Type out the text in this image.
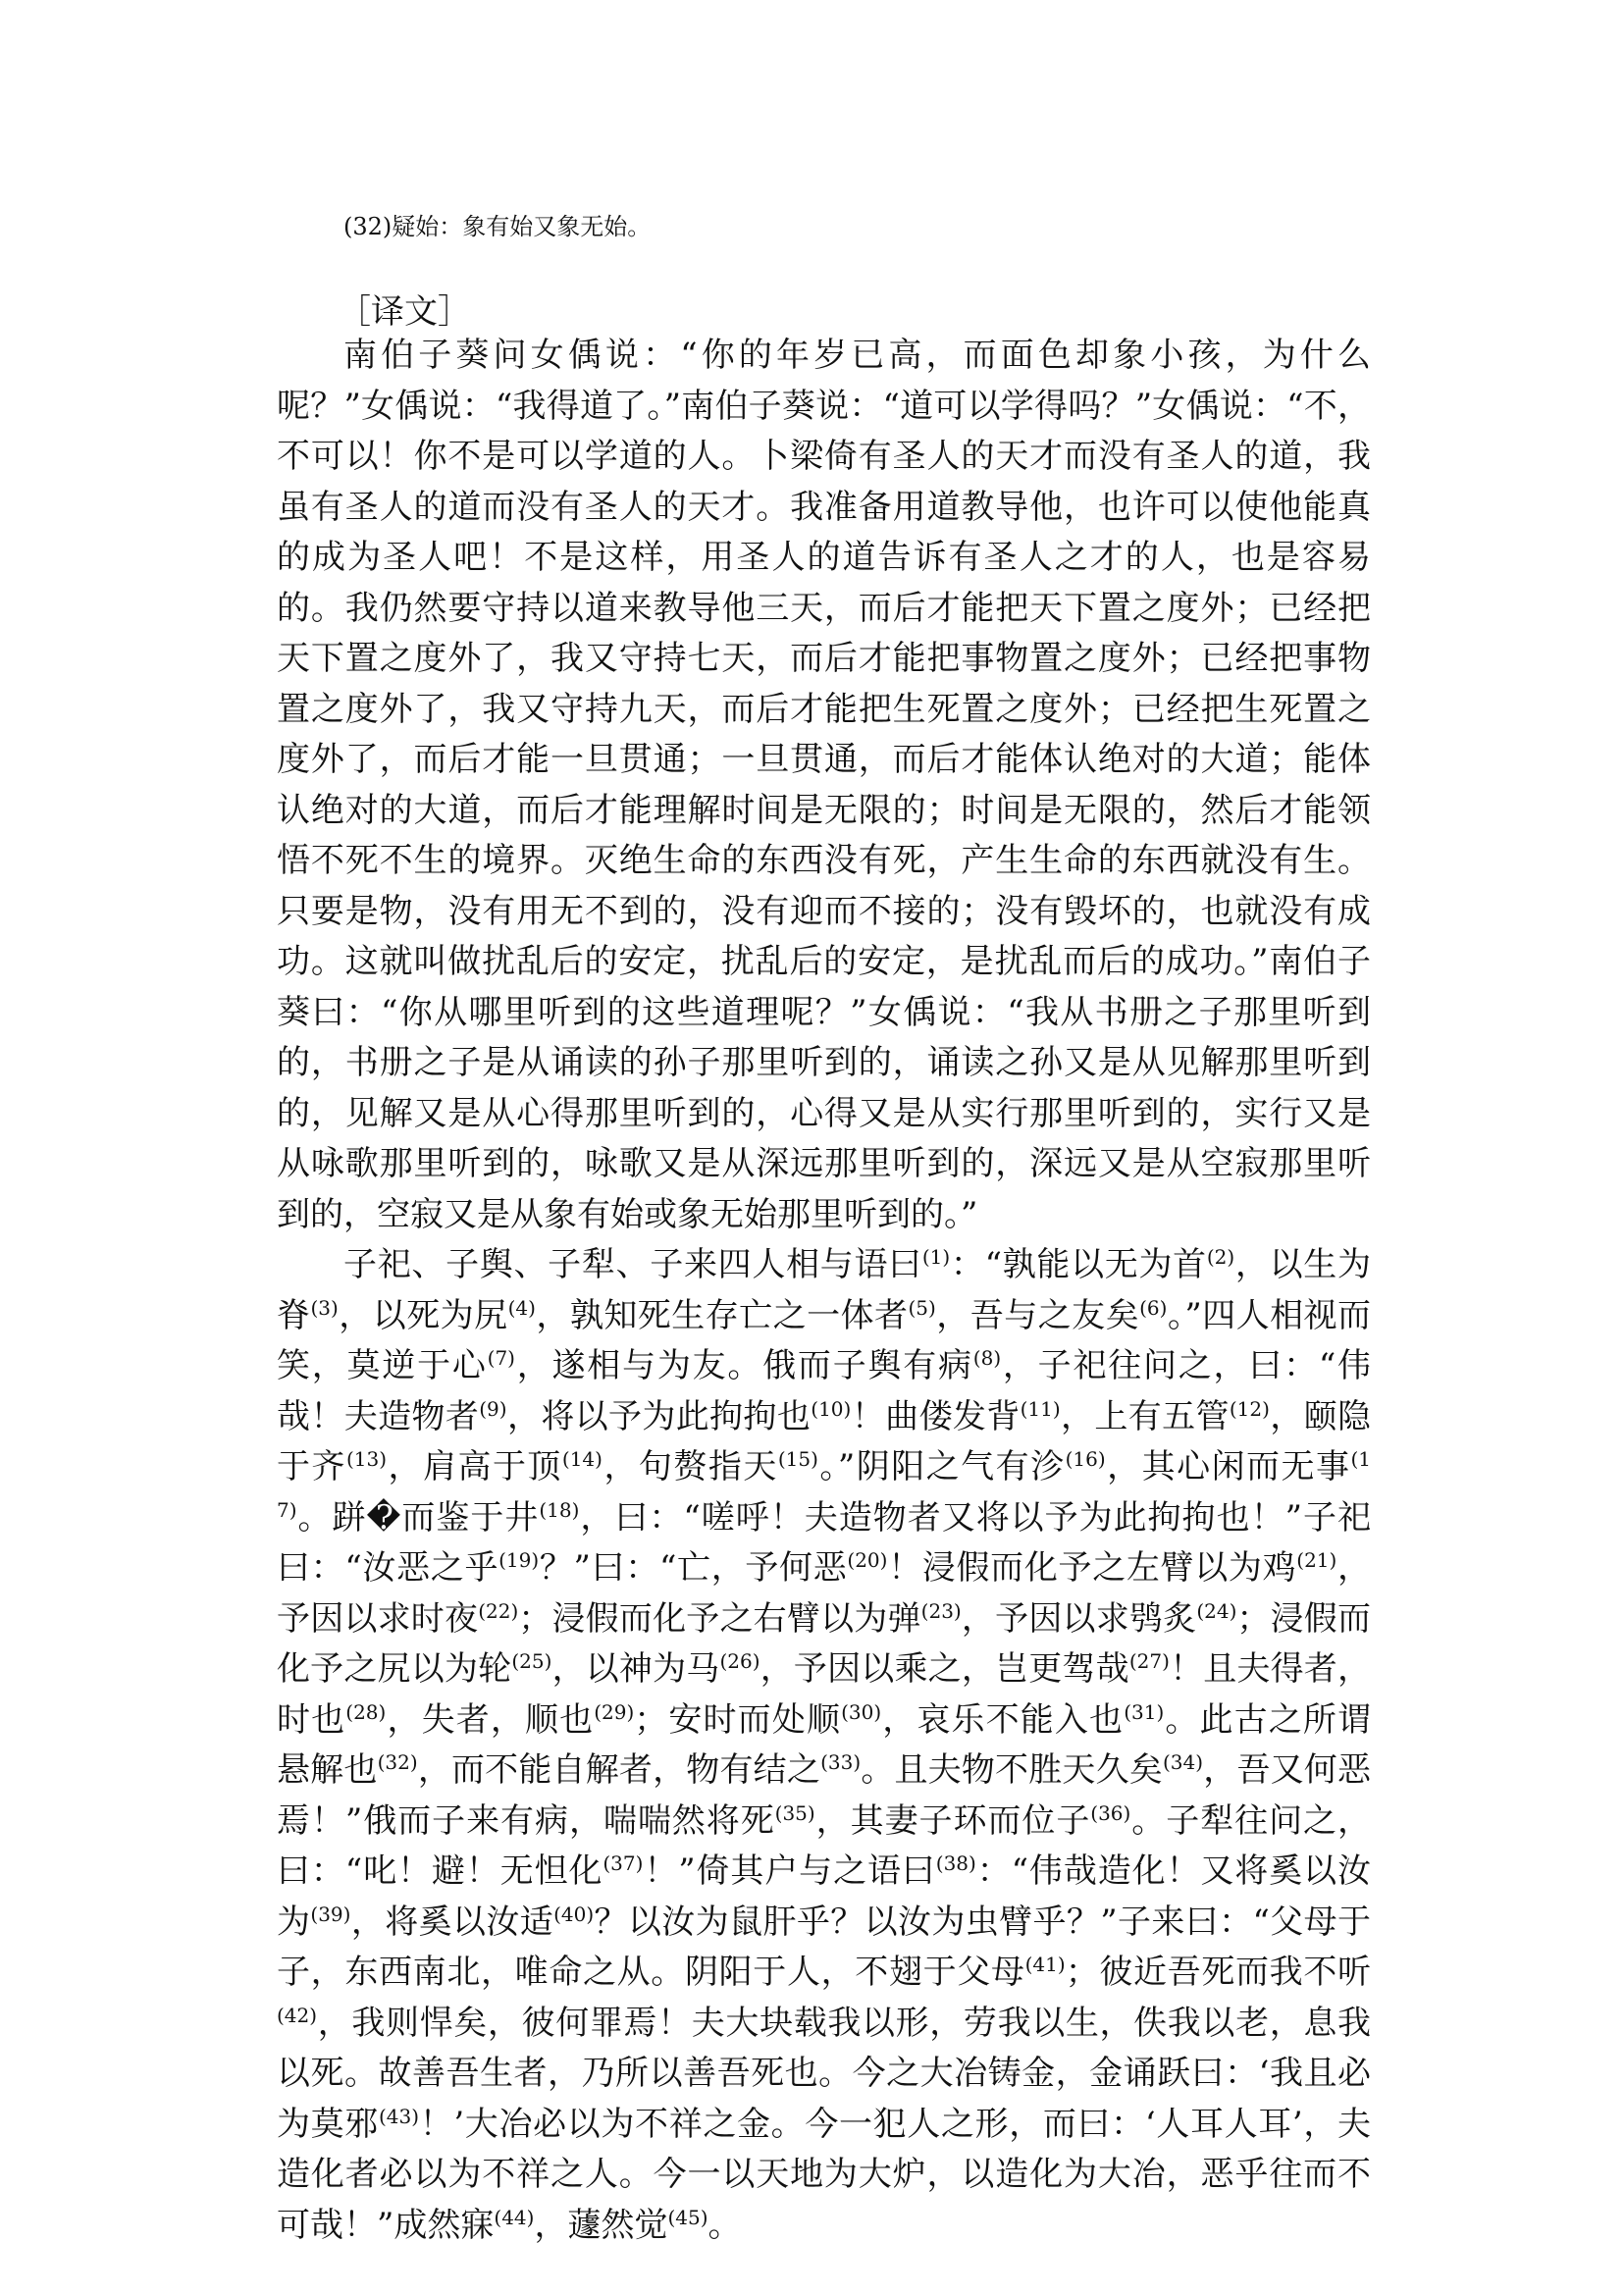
(32)疑始：象有始又象无始。
［译文］

南伯子葵问女偊说：“你的年岁已高，而面色却象小孩，为什么呢？”女偊说：“我得道了。”南伯子葵说：“道可以学得吗？”女偊说：“不，不可以！你不是可以学道的人。卜梁倚有圣人的天才而没有圣人的道，我虽有圣人的道而没有圣人的天才。我准备用道教导他，也许可以使他能真的成为圣人吧！不是这样，用圣人的道告诉有圣人之才的人，也是容易的。我仍然要守持以道来教导他三天，而后才能把天下置之度外；已经把天下置之度外了，我又守持七天，而后才能把事物置之度外；已经把事物置之度外了，我又守持九天，而后才能把生死置之度外；已经把生死置之度外了，而后才能一旦贯通；一旦贯通，而后才能体认绝对的大道；能体认绝对的大道，而后才能理解时间是无限的；时间是无限的，然后才能领悟不死不生的境界。灭绝生命的东西没有死，产生生命的东西就没有生。只要是物，没有用无不到的，没有迎而不接的；没有毁坏的，也就没有成功。这就叫做扰乱后的安定，扰乱后的安定，是扰乱而后的成功。”南伯子葵曰：“你从哪里听到的这些道理呢？”女偊说：“我从书册之子那里听到的，书册之子是从诵读的孙子那里听到的，诵读之孙又是从见解那里听到的，见解又是从心得那里听到的，心得又是从实行那里听到的，实行又是从咏歌那里听到的，咏歌又是从深远那里听到的，深远又是从空寂那里听到的，空寂又是从象有始或象无始那里听到的。”

子祀、子舆、子犁、子来四人相与语曰$^{(1)}$：“孰能以无为首$^{(2)}$，以生为脊$^{(3)}$，以死为尻$^{(4)}$，孰知死生存亡之一体者$^{(5)}$，吾与之友矣$^{(6)}$。”四人相视而笑，莫逆于心$^{(7)}$，遂相与为友。俄而子舆有病$^{(8)}$，子祀往问之，曰：“伟哉！夫造物者$^{(9)}$，将以予为此拘拘也$^{(10)}$！曲偻发背$^{(11)}$，上有五管$^{(12)}$，颐隐于齐$^{(13)}$，肩高于顶$^{(14)}$，句赘指天$^{(15)}$。”阴阳之气有沴$^{(16)}$，其心闲而无事$^{(17)}$。跰�而鉴于井$^{(18)}$，曰：“嗟呼！夫造物者又将以予为此拘拘也！”子祀曰：“汝恶之乎$^{(19)}$？”曰：“亡，予何恶$^{(20)}$！浸假而化予之左臂以为鸡$^{(21)}$，予因以求时夜$^{(22)}$；浸假而化予之右臂以为弹$^{(23)}$，予因以求鸮炙$^{(24)}$；浸假而化予之尻以为轮$^{(25)}$，以神为马$^{(26)}$，予因以乘之，岂更驾哉$^{(27)}$！且夫得者，时也$^{(28)}$，失者，顺也$^{(29)}$；安时而处顺$^{(30)}$，哀乐不能入也$^{(31)}$。此古之所谓悬解也$^{(32)}$，而不能自解者，物有结之$^{(33)}$。且夫物不胜天久矣$^{(34)}$，吾又何恶焉！”俄而子来有病，喘喘然将死$^{(35)}$，其妻子环而位子$^{(36)}$。子犁往问之，曰：“叱！避！无怛化$^{(37)}$！”倚其户与之语曰$^{(38)}$：“伟哉造化！又将奚以汝为$^{(39)}$，将奚以汝适$^{(40)}$？以汝为鼠肝乎？以汝为虫臂乎？”子来曰：“父母于子，东西南北，唯命之从。阴阳于人，不翅于父母$^{(41)}$；彼近吾死而我不听$^{(42)}$，我则悍矣，彼何罪焉！夫大块载我以形，劳我以生，佚我以老，息我以死。故善吾生者，乃所以善吾死也。今之大冶铸金，金诵跃曰：‘我且必为莫邪$^{(43)}$！’大冶必以为不祥之金。今一犯人之形，而曰：‘人耳人耳’，夫造化者必以为不祥之人。今一以天地为大炉，以造化为大冶，恶乎往而不可哉！”成然寐$^{(44)}$，蘧然觉$^{(45)}$。
